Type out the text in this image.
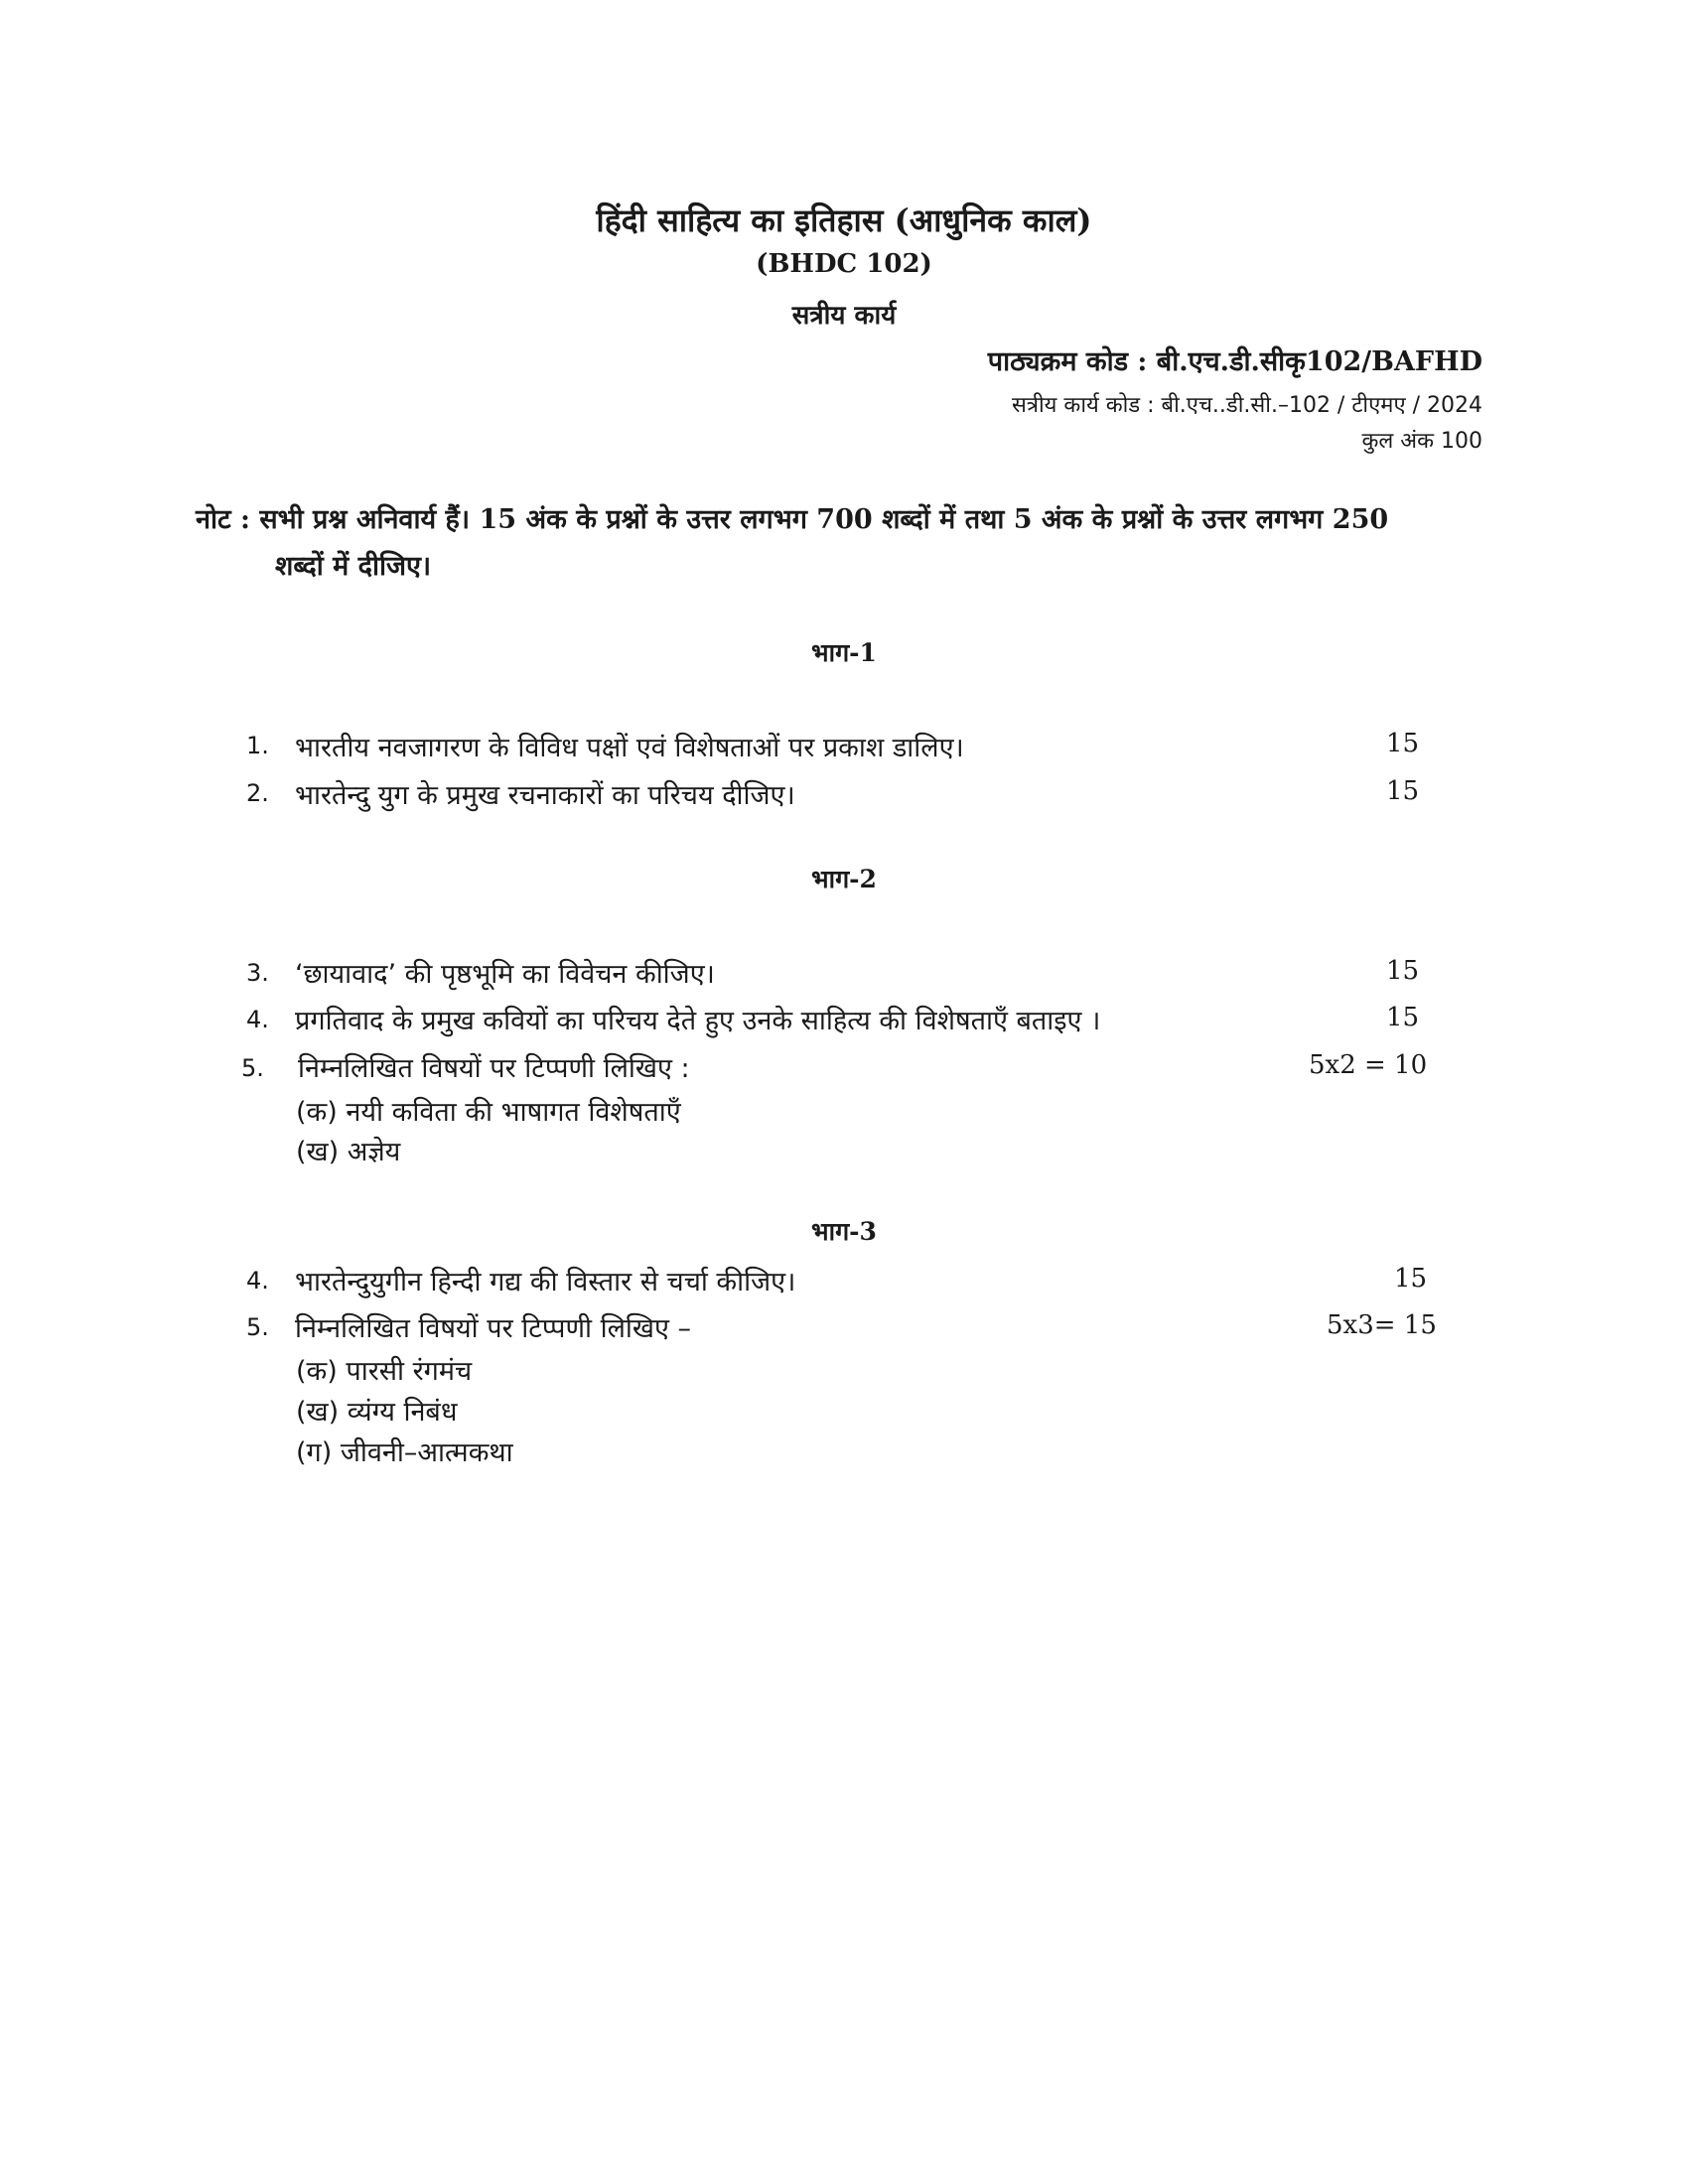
हिंदी साहित्य का इतिहास (आधुनिक काल)
(BHDC 102)
सत्रीय कार्य
पाठ्यक्रम कोड : बी.एच.डी.सीकृ102/BAFHD
सत्रीय कार्य कोड : बी.एच..डी.सी.–102 / टीएमए / 2024
कुल अंक 100
नोट : सभी प्रश्न अनिवार्य हैं। 15 अंक के प्रश्नों के उत्तर लगभग 700 शब्दों में तथा 5 अंक के प्रश्नों के उत्तर लगभग 250
शब्दों में दीजिए।
भाग-1
1. भारतीय नवजागरण के विविध पक्षों एवं विशेषताओं पर प्रकाश डालिए।	15
2. भारतेन्दु युग के प्रमुख रचनाकारों का परिचय दीजिए।	15
भाग-2
3. ‘छायावाद’ की पृष्ठभूमि का विवेचन कीजिए।	15
4. प्रगतिवाद के प्रमुख कवियों का परिचय देते हुए उनके साहित्य की विशेषताएँ बताइए ।	15
5. निम्नलिखित विषयों पर टिप्पणी लिखिए :	5x2 = 10
(क) नयी कविता की भाषागत विशेषताएँ
(ख) अज्ञेय
भाग-3
4. भारतेन्दुयुगीन हिन्दी गद्य की विस्तार से चर्चा कीजिए।	15
5. निम्नलिखित विषयों पर टिप्पणी लिखिए –	5x3= 15
(क) पारसी रंगमंच
(ख) व्यंग्य निबंध
(ग) जीवनी–आत्मकथा
